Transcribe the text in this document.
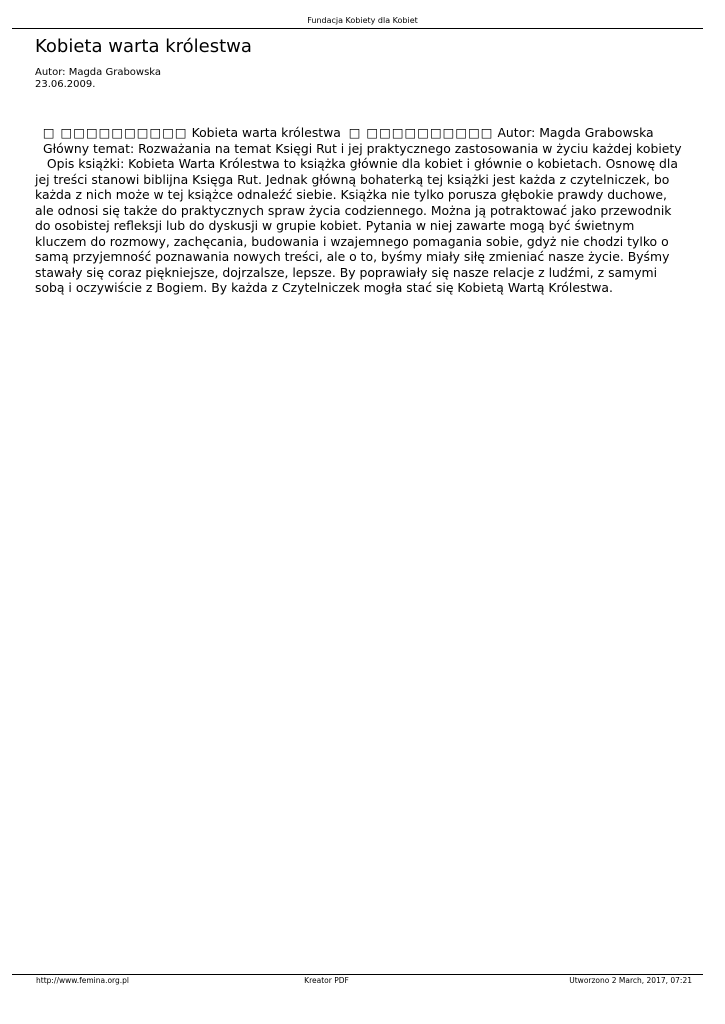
Fundacja Kobiety dla Kobiet
Kobieta warta królestwa
Autor: Magda Grabowska
23.06.2009.

□ □□□□□□□□□□ Kobieta warta królestwa □ □□□□□□□□□□ Autor: Magda Grabowska

Główny temat: Rozważania na temat Księgi Rut i jej praktycznego zastosowania w życiu każdej kobiety

Opis książki: Kobieta Warta Królestwa to książka głównie dla kobiet i głównie o kobietach. Osnowę dla jej treści stanowi biblijna Księga Rut. Jednak główną bohaterką tej książki jest każda z czytelniczek, bo każda z nich może w tej książce odnaleźć siebie. Książka nie tylko porusza głębokie prawdy duchowe, ale odnosi się także do praktycznych spraw życia codziennego. Można ją potraktować jako przewodnik do osobistej refleksji lub do dyskusji w grupie kobiet. Pytania w niej zawarte mogą być świetnym kluczem do rozmowy, zachęcania, budowania i wzajemnego pomagania sobie, gdyż nie chodzi tylko o samą przyjemność poznawania nowych treści, ale o to, byśmy miały siłę zmieniać nasze życie. Byśmy stawały się coraz piękniejsze, dojrzalsze, lepsze. By poprawiały się nasze relacje z ludźmi, z samymi sobą i oczywiście z Bogiem. By każda z Czytelniczek mogła stać się Kobietą Wartą Królestwa.

http://www.femina.org.pl	Kreator PDF	Utworzono 2 March, 2017, 07:21
